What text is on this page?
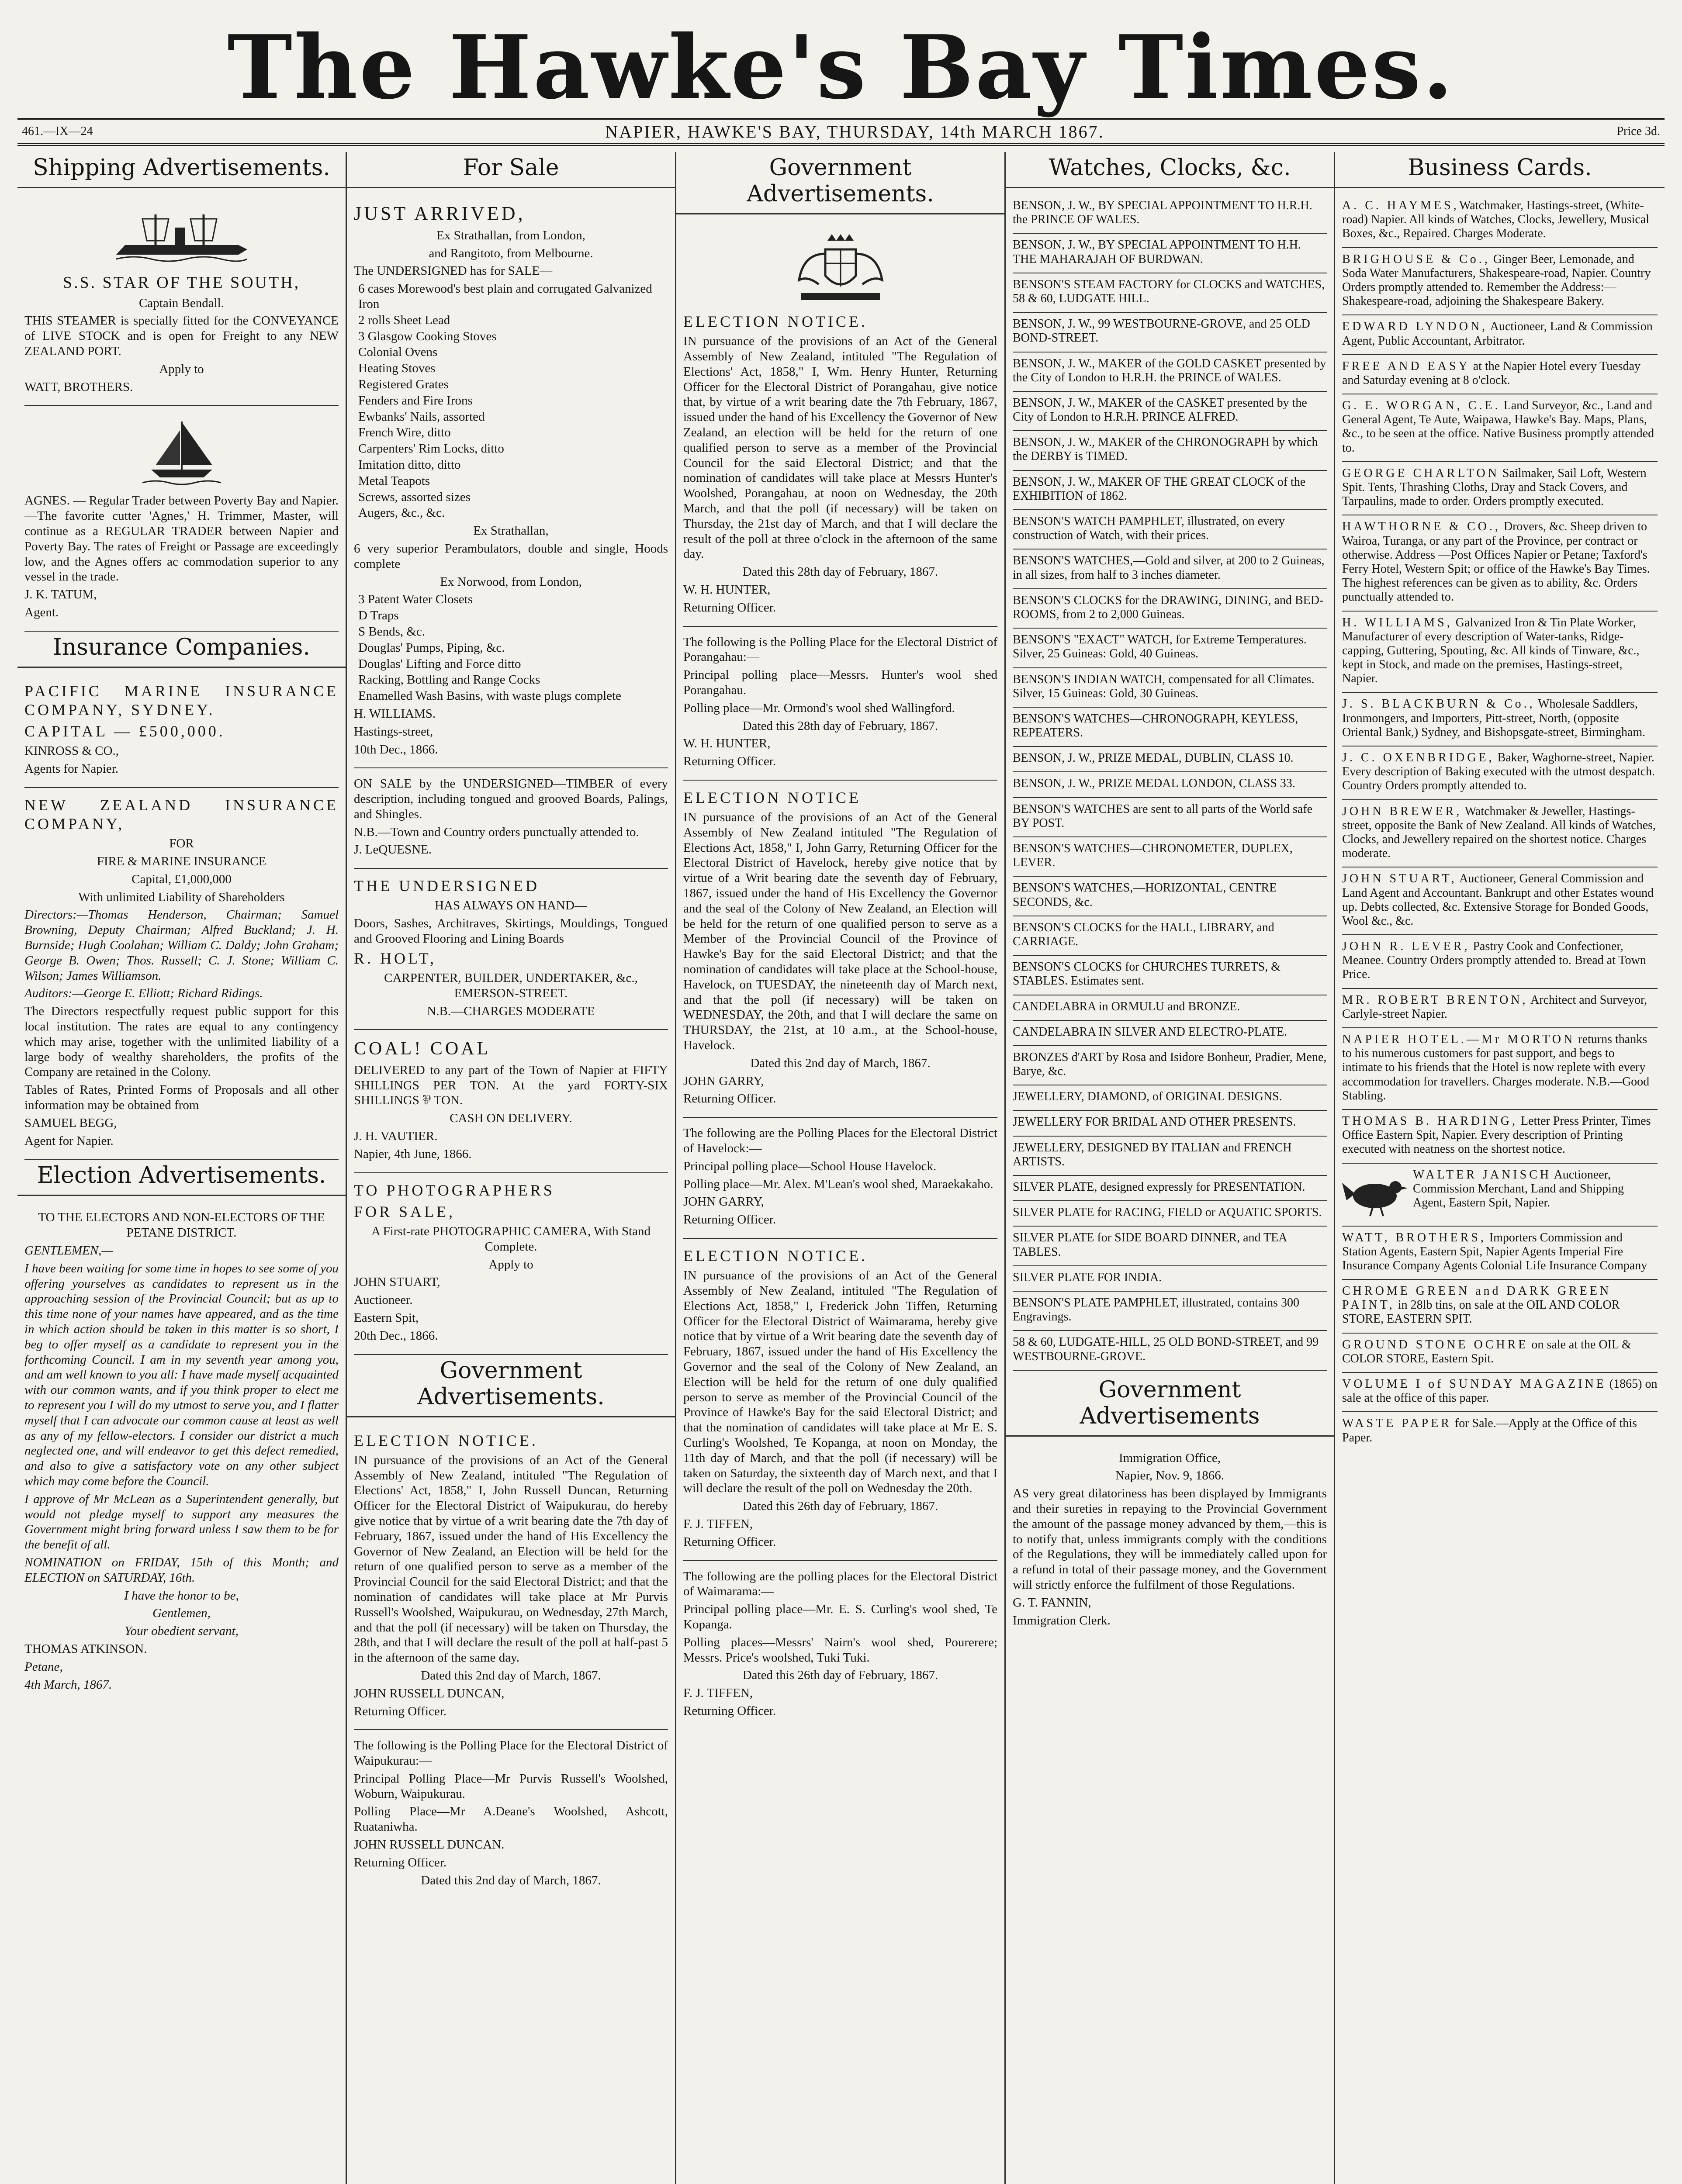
The Hawke's Bay Times.
461.—IX—24	NAPIER, HAWKE'S BAY, THURSDAY, 14th MARCH 1867.	Price 3d.
Shipping Advertisements.

S.S. STAR OF THE SOUTH,

Captain Bendall.

THIS STEAMER is specially fitted for the CONVEYANCE of LIVE STOCK and is open for Freight to any NEW ZEALAND PORT.

Apply to

WATT, BROTHERS.

AGNES. — Regular Trader between Poverty Bay and Napier.—The favorite cutter 'Agnes,' H. Trimmer, Master, will continue as a REGULAR TRADER between Napier and Poverty Bay. The rates of Freight or Passage are exceedingly low, and the Agnes offers ac commodation superior to any vessel in the trade.

J. K. TATUM,

Agent.

Insurance Companies.

PACIFIC MARINE INSURANCE COMPANY, SYDNEY.

CAPITAL — £500,000.

KINROSS & CO.,

Agents for Napier.

NEW ZEALAND INSURANCE COMPANY,

FOR

FIRE & MARINE INSURANCE

Capital, £1,000,000

With unlimited Liability of Shareholders

Directors:—Thomas Henderson, Chairman; Samuel Browning, Deputy Chairman; Alfred Buckland; J. H. Burnside; Hugh Coolahan; William C. Daldy; John Graham; George B. Owen; Thos. Russell; C. J. Stone; William C. Wilson; James Williamson.

Auditors:—George E. Elliott; Richard Ridings.

The Directors respectfully request public support for this local institution. The rates are equal to any contingency which may arise, together with the unlimited liability of a large body of wealthy shareholders, the profits of the Company are retained in the Colony.

Tables of Rates, Printed Forms of Proposals and all other information may be obtained from

SAMUEL BEGG,

Agent for Napier.

Election Advertisements.

TO THE ELECTORS AND NON-ELECTORS OF THE PETANE DISTRICT.

GENTLEMEN,—

I have been waiting for some time in hopes to see some of you offering yourselves as candidates to represent us in the approaching session of the Provincial Council; but as up to this time none of your names have appeared, and as the time in which action should be taken in this matter is so short, I beg to offer myself as a candidate to represent you in the forthcoming Council. I am in my seventh year among you, and am well known to you all: I have made myself acquainted with our common wants, and if you think proper to elect me to represent you I will do my utmost to serve you, and I flatter myself that I can advocate our common cause at least as well as any of my fellow-electors. I consider our district a much neglected one, and will endeavor to get this defect remedied, and also to give a satisfactory vote on any other subject which may come before the Council.

I approve of Mr McLean as a Superintendent generally, but would not pledge myself to support any measures the Government might bring forward unless I saw them to be for the benefit of all.

NOMINATION on FRIDAY, 15th of this Month; and ELECTION on SATURDAY, 16th.

I have the honor to be,

Gentlemen,

Your obedient servant,

THOMAS ATKINSON.

Petane,

4th March, 1867.

For Sale

JUST ARRIVED,

Ex Strathallan, from London,

and Rangitoto, from Melbourne.

The UNDERSIGNED has for SALE—

6 cases Morewood's best plain and corrugated Galvanized Iron
2 rolls Sheet Lead
3 Glasgow Cooking Stoves
Colonial Ovens
Heating Stoves
Registered Grates
Fenders and Fire Irons
Ewbanks' Nails, assorted
French Wire, ditto
Carpenters' Rim Locks, ditto
Imitation ditto, ditto
Metal Teapots
Screws, assorted sizes
Augers, &c., &c.

Ex Strathallan,

6 very superior Perambulators, double and single, Hoods complete

Ex Norwood, from London,

3 Patent Water Closets
D Traps
S Bends, &c.
Douglas' Pumps, Piping, &c.
Douglas' Lifting and Force ditto
Racking, Bottling and Range Cocks
Enamelled Wash Basins, with waste plugs complete

H. WILLIAMS.

Hastings-street,

10th Dec., 1866.

ON SALE by the UNDERSIGNED—TIMBER of every description, including tongued and grooved Boards, Palings, and Shingles.

N.B.—Town and Country orders punctually attended to.

J. LeQUESNE.

THE UNDERSIGNED

HAS ALWAYS ON HAND—

Doors, Sashes, Architraves, Skirtings, Mouldings, Tongued and Grooved Flooring and Lining Boards

R. HOLT,

CARPENTER, BUILDER, UNDERTAKER, &c., EMERSON-STREET.

N.B.—CHARGES MODERATE

COAL! COAL

DELIVERED to any part of the Town of Napier at FIFTY SHILLINGS PER TON. At the yard FORTY-SIX SHILLINGS ⅌ TON.

CASH ON DELIVERY.

J. H. VAUTIER.

Napier, 4th June, 1866.

TO PHOTOGRAPHERS

FOR SALE,

A First-rate PHOTOGRAPHIC CAMERA, With Stand Complete.

Apply to

JOHN STUART,

Auctioneer.

Eastern Spit,

20th Dec., 1866.

Government Advertisements.

ELECTION NOTICE.

IN pursuance of the provisions of an Act of the General Assembly of New Zealand, intituled "The Regulation of Elections' Act, 1858," I, John Russell Duncan, Returning Officer for the Electoral District of Waipukurau, do hereby give notice that by virtue of a writ bearing date the 7th day of February, 1867, issued under the hand of His Excellency the Governor of New Zealand, an Election will be held for the return of one qualified person to serve as a member of the Provincial Council for the said Electoral District; and that the nomination of candidates will take place at Mr Purvis Russell's Woolshed, Waipukurau, on Wednesday, 27th March, and that the poll (if necessary) will be taken on Thursday, the 28th, and that I will declare the result of the poll at half-past 5 in the afternoon of the same day.

Dated this 2nd day of March, 1867.

JOHN RUSSELL DUNCAN,

Returning Officer.

The following is the Polling Place for the Electoral District of Waipukurau:—

Principal Polling Place—Mr Purvis Russell's Woolshed, Woburn, Waipukurau.

Polling Place—Mr A.Deane's Woolshed, Ashcott, Ruataniwha.

JOHN RUSSELL DUNCAN.

Returning Officer.

Dated this 2nd day of March, 1867.

Government Advertisements.

ELECTION NOTICE.

IN pursuance of the provisions of an Act of the General Assembly of New Zealand, intituled "The Regulation of Elections' Act, 1858," I, Wm. Henry Hunter, Returning Officer for the Electoral District of Porangahau, give notice that, by virtue of a writ bearing date the 7th February, 1867, issued under the hand of his Excellency the Governor of New Zealand, an election will be held for the return of one qualified person to serve as a member of the Provincial Council for the said Electoral District; and that the nomination of candidates will take place at Messrs Hunter's Woolshed, Porangahau, at noon on Wednesday, the 20th March, and that the poll (if necessary) will be taken on Thursday, the 21st day of March, and that I will declare the result of the poll at three o'clock in the afternoon of the same day.

Dated this 28th day of February, 1867.

W. H. HUNTER,

Returning Officer.

The following is the Polling Place for the Electoral District of Porangahau:—

Principal polling place—Messrs. Hunter's wool shed Porangahau.

Polling place—Mr. Ormond's wool shed Wallingford.

Dated this 28th day of February, 1867.

W. H. HUNTER,

Returning Officer.

ELECTION NOTICE

IN pursuance of the provisions of an Act of the General Assembly of New Zealand intituled "The Regulation of Elections Act, 1858," I, John Garry, Returning Officer for the Electoral District of Havelock, hereby give notice that by virtue of a Writ bearing date the seventh day of February, 1867, issued under the hand of His Excellency the Governor and the seal of the Colony of New Zealand, an Election will be held for the return of one qualified person to serve as a Member of the Provincial Council of the Province of Hawke's Bay for the said Electoral District; and that the nomination of candidates will take place at the School-house, Havelock, on TUESDAY, the nineteenth day of March next, and that the poll (if necessary) will be taken on WEDNESDAY, the 20th, and that I will declare the same on THURSDAY, the 21st, at 10 a.m., at the School-house, Havelock.

Dated this 2nd day of March, 1867.

JOHN GARRY,

Returning Officer.

The following are the Polling Places for the Electoral District of Havelock:—

Principal polling place—School House Havelock.

Polling place—Mr. Alex. M'Lean's wool shed, Maraekakaho.

JOHN GARRY,

Returning Officer.

ELECTION NOTICE.

IN pursuance of the provisions of an Act of the General Assembly of New Zealand, intituled "The Regulation of Elections Act, 1858," I, Frederick John Tiffen, Returning Officer for the Electoral District of Waimarama, hereby give notice that by virtue of a Writ bearing date the seventh day of February, 1867, issued under the hand of His Excellency the Governor and the seal of the Colony of New Zealand, an Election will be held for the return of one duly qualified person to serve as member of the Provincial Council of the Province of Hawke's Bay for the said Electoral District; and that the nomination of candidates will take place at Mr E. S. Curling's Woolshed, Te Kopanga, at noon on Monday, the 11th day of March, and that the poll (if necessary) will be taken on Saturday, the sixteenth day of March next, and that I will declare the result of the poll on Wednesday the 20th.

Dated this 26th day of February, 1867.

F. J. TIFFEN,

Returning Officer.

The following are the polling places for the Electoral District of Waimarama:—

Principal polling place—Mr. E. S. Curling's wool shed, Te Kopanga.

Polling places—Messrs' Nairn's wool shed, Pourerere; Messrs. Price's woolshed, Tuki Tuki.

Dated this 26th day of February, 1867.

F. J. TIFFEN,

Returning Officer.

Watches, Clocks, &c.
BENSON, J. W., BY SPECIAL APPOINTMENT TO H.R.H. the PRINCE OF WALES.
BENSON, J. W., BY SPECIAL APPOINTMENT TO H.H. THE MAHARAJAH OF BURDWAN.
BENSON'S STEAM FACTORY for CLOCKS and WATCHES, 58 & 60, LUDGATE HILL.
BENSON, J. W., 99 WESTBOURNE-GROVE, and 25 OLD BOND-STREET.
BENSON, J. W., MAKER of the GOLD CASKET presented by the City of London to H.R.H. the PRINCE of WALES.
BENSON, J. W., MAKER of the CASKET presented by the City of London to H.R.H. PRINCE ALFRED.
BENSON, J. W., MAKER of the CHRONOGRAPH by which the DERBY is TIMED.
BENSON, J. W., MAKER OF THE GREAT CLOCK of the EXHIBITION of 1862.
BENSON'S WATCH PAMPHLET, illustrated, on every construction of Watch, with their prices.
BENSON'S WATCHES,—Gold and silver, at 200 to 2 Guineas, in all sizes, from half to 3 inches diameter.
BENSON'S CLOCKS for the DRAWING, DINING, and BED-ROOMS, from 2 to 2,000 Guineas.
BENSON'S "EXACT" WATCH, for Extreme Temperatures. Silver, 25 Guineas: Gold, 40 Guineas.
BENSON'S INDIAN WATCH, compensated for all Climates. Silver, 15 Guineas: Gold, 30 Guineas.
BENSON'S WATCHES—CHRONOGRAPH, KEYLESS, REPEATERS.
BENSON, J. W., PRIZE MEDAL, DUBLIN, CLASS 10.
BENSON, J. W., PRIZE MEDAL LONDON, CLASS 33.
BENSON'S WATCHES are sent to all parts of the World safe BY POST.
BENSON'S WATCHES—CHRONOMETER, DUPLEX, LEVER.
BENSON'S WATCHES,—HORIZONTAL, CENTRE SECONDS, &c.
BENSON'S CLOCKS for the HALL, LIBRARY, and CARRIAGE.
BENSON'S CLOCKS for CHURCHES TURRETS, & STABLES. Estimates sent.
CANDELABRA in ORMULU and BRONZE.
CANDELABRA IN SILVER AND ELECTRO-PLATE.
BRONZES d'ART by Rosa and Isidore Bonheur, Pradier, Mene, Barye, &c.
JEWELLERY, DIAMOND, of ORIGINAL DESIGNS.
JEWELLERY FOR BRIDAL AND OTHER PRESENTS.
JEWELLERY, DESIGNED BY ITALIAN and FRENCH ARTISTS.
SILVER PLATE, designed expressly for PRESENTATION.
SILVER PLATE for RACING, FIELD or AQUATIC SPORTS.
SILVER PLATE for SIDE BOARD DINNER, and TEA TABLES.
SILVER PLATE FOR INDIA.
BENSON'S PLATE PAMPHLET, illustrated, contains 300 Engravings.
58 & 60, LUDGATE-HILL, 25 OLD BOND-STREET, and 99 WESTBOURNE-GROVE.
Government Advertisements

Immigration Office,

Napier, Nov. 9, 1866.

AS very great dilatoriness has been displayed by Immigrants and their sureties in repaying to the Provincial Government the amount of the passage money advanced by them,—this is to notify that, unless immigrants comply with the conditions of the Regulations, they will be immediately called upon for a refund in total of their passage money, and the Government will strictly enforce the fulfilment of those Regulations.

G. T. FANNIN,

Immigration Clerk.

Business Cards.
A. C. HAYMES, Watchmaker, Hastings-street, (White-road) Napier. All kinds of Watches, Clocks, Jewellery, Musical Boxes, &c., Repaired. Charges Moderate.
BRIGHOUSE & Co., Ginger Beer, Lemonade, and Soda Water Manufacturers, Shakespeare-road, Napier. Country Orders promptly attended to. Remember the Address:—Shakespeare-road, adjoining the Shakespeare Bakery.
EDWARD LYNDON, Auctioneer, Land & Commission Agent, Public Accountant, Arbitrator.
FREE AND EASY at the Napier Hotel every Tuesday and Saturday evening at 8 o'clock.
G. E. WORGAN, C.E. Land Surveyor, &c., Land and General Agent, Te Aute, Waipawa, Hawke's Bay. Maps, Plans, &c., to be seen at the office. Native Business promptly attended to.
GEORGE CHARLTON Sailmaker, Sail Loft, Western Spit. Tents, Thrashing Cloths, Dray and Stack Covers, and Tarpaulins, made to order. Orders promptly executed.
HAWTHORNE & CO., Drovers, &c. Sheep driven to Wairoa, Turanga, or any part of the Province, per contract or otherwise. Address —Post Offices Napier or Petane; Taxford's Ferry Hotel, Western Spit; or office of the Hawke's Bay Times. The highest references can be given as to ability, &c. Orders punctually attended to.
H. WILLIAMS, Galvanized Iron & Tin Plate Worker, Manufacturer of every description of Water-tanks, Ridge-capping, Guttering, Spouting, &c. All kinds of Tinware, &c., kept in Stock, and made on the premises, Hastings-street, Napier.
J. S. BLACKBURN & Co., Wholesale Saddlers, Ironmongers, and Importers, Pitt-street, North, (opposite Oriental Bank,) Sydney, and Bishopsgate-street, Birmingham.
J. C. OXENBRIDGE, Baker, Waghorne-street, Napier. Every description of Baking executed with the utmost despatch. Country Orders promptly attended to.
JOHN BREWER, Watchmaker & Jeweller, Hastings-street, opposite the Bank of New Zealand. All kinds of Watches, Clocks, and Jewellery repaired on the shortest notice. Charges moderate.
JOHN STUART, Auctioneer, General Commission and Land Agent and Accountant. Bankrupt and other Estates wound up. Debts collected, &c. Extensive Storage for Bonded Goods, Wool &c., &c.
JOHN R. LEVER, Pastry Cook and Confectioner, Meanee. Country Orders promptly attended to. Bread at Town Price.
MR. ROBERT BRENTON, Architect and Surveyor, Carlyle-street Napier.
NAPIER HOTEL.—Mr MORTON returns thanks to his numerous customers for past support, and begs to intimate to his friends that the Hotel is now replete with every accommodation for travellers. Charges moderate. N.B.—Good Stabling.
THOMAS B. HARDING, Letter Press Printer, Times Office Eastern Spit, Napier. Every description of Printing executed with neatness on the shortest notice.
WALTER JANISCH Auctioneer, Commission Merchant, Land and Shipping Agent, Eastern Spit, Napier.
WATT, BROTHERS, Importers Commission and Station Agents, Eastern Spit, Napier Agents Imperial Fire Insurance Company Agents Colonial Life Insurance Company
CHROME GREEN and DARK GREEN PAINT, in 28lb tins, on sale at the OIL AND COLOR STORE, EASTERN SPIT.
GROUND STONE OCHRE on sale at the OIL & COLOR STORE, Eastern Spit.
VOLUME I of SUNDAY MAGAZINE (1865) on sale at the office of this paper.
WASTE PAPER for Sale.—Apply at the Office of this Paper.
